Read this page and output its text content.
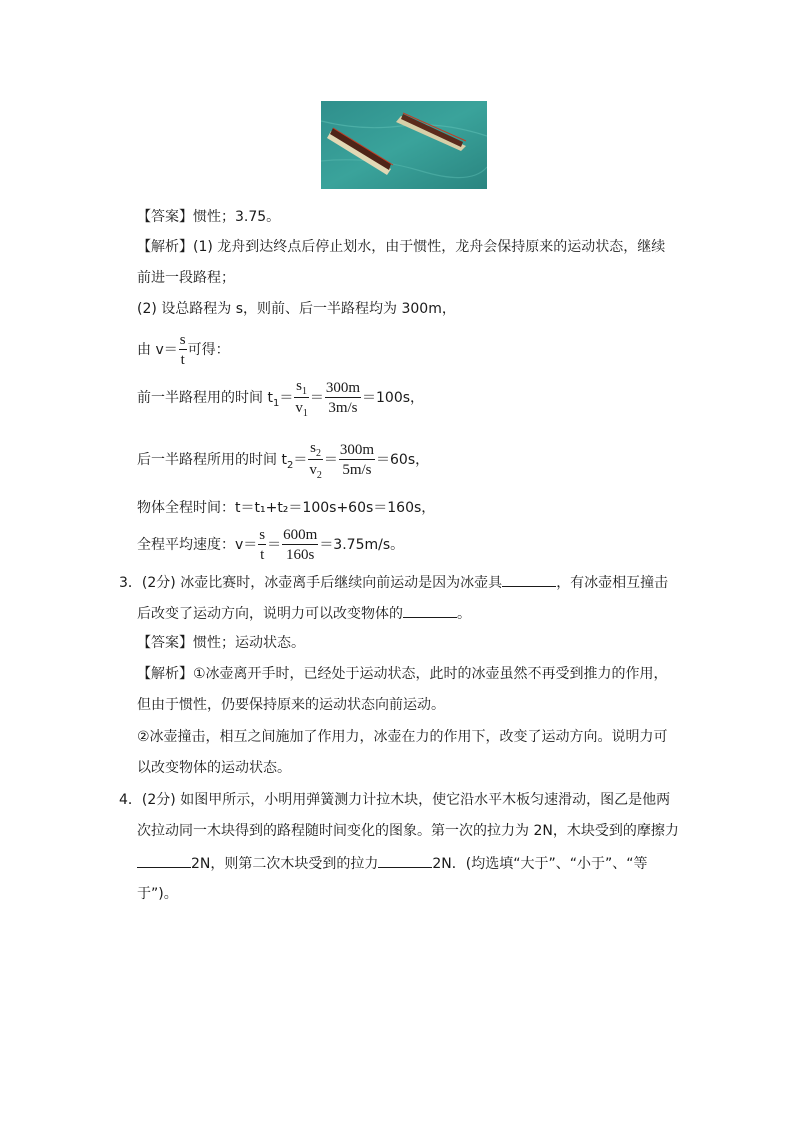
【答案】惯性；3.75。
【解析】(1) 龙舟到达终点后停止划水，由于惯性，龙舟会保持原来的运动状态，继续
前进一段路程；
(2) 设总路程为 s，则前、后一半路程均为 300m，
由 $v= \frac{s}{t}$ 可得：
前一半路程用的时间 $t_1= \frac{s_1}{v_1} = \frac{300m}{3m/s} =100s$，
后一半路程所用的时间 $t_2= \frac{s_2}{v_2} = \frac{300m}{5m/s} =60s$，
物体全程时间：t＝t₁+t₂＝100s+60s＝160s，
全程平均速度：$v= \frac{s}{t} = \frac{600m}{160s} =3.75m/s$。
3．(2分) 冰壶比赛时，冰壶离手后继续向前运动是因为冰壶具	，有冰壶相互撞击
后改变了运动方向，说明力可以改变物体的	。
【答案】惯性；运动状态。
【解析】①冰壶离开手时，已经处于运动状态，此时的冰壶虽然不再受到推力的作用，
但由于惯性，仍要保持原来的运动状态向前运动。
②冰壶撞击，相互之间施加了作用力，冰壶在力的作用下，改变了运动方向。说明力可
以改变物体的运动状态。
4．(2分) 如图甲所示，小明用弹簧测力计拉木块，使它沿水平木板匀速滑动，图乙是他两
次拉动同一木块得到的路程随时间变化的图象。第一次的拉力为 2N，木块受到的摩擦力
2N，则第二次木块受到的拉力	2N．(均选填“大于”、“小于”、“等
于”)。
